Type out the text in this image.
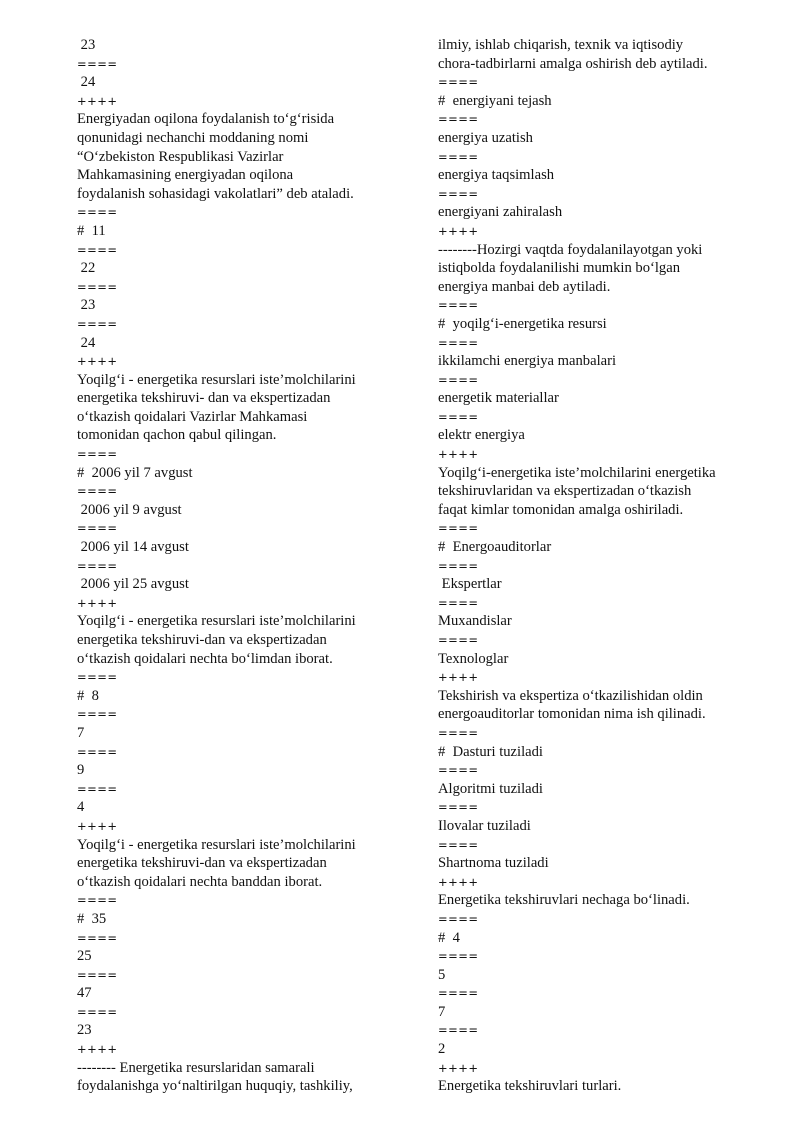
23
====
24
++++
Energiyadan oqilona foydalanish to‘g‘risida
qonunidagi nechanchi moddaning nomi
“O‘zbekiston Respublikasi Vazirlar
Mahkamasining energiyadan oqilona
foydalanish sohasidagi vakolatlari” deb ataladi.
====
#  11
====
22
====
23
====
24
++++
Yoqilg‘i - energetika resurslari iste’molchilarini
energetika tekshiruvi- dan va ekspertizadan
o‘tkazish qoidalari Vazirlar Mahkamasi
tomonidan qachon qabul qilingan.
====
#  2006 yil 7 avgust
====
2006 yil 9 avgust
====
2006 yil 14 avgust
====
2006 yil 25 avgust
++++
Yoqilg‘i - energetika resurslari iste’molchilarini
energetika tekshiruvi-dan va ekspertizadan
o‘tkazish qoidalari nechta bo‘limdan iborat.
====
#  8
====
7
====
9
====
4
++++
Yoqilg‘i - energetika resurslari iste’molchilarini
energetika tekshiruvi-dan va ekspertizadan
o‘tkazish qoidalari nechta banddan iborat.
====
#  35
====
25
====
47
====
23
++++
-------- Energetika resurslaridan samarali
foydalanishga yo‘naltirilgan huquqiy, tashkiliy,
ilmiy, ishlab chiqarish, texnik va iqtisodiy
chora-tadbirlarni amalga oshirish deb aytiladi.
====
#  energiyani tejash
====
energiya uzatish
====
energiya taqsimlash
====
energiyani zahiralash
++++
--------Hozirgi vaqtda foydalanilayotgan yoki
istiqbolda foydalanilishi mumkin bo‘lgan
energiya manbai deb aytiladi.
====
#  yoqilg‘i-energetika resursi
====
ikkilamchi energiya manbalari
====
energetik materiallar
====
elektr energiya
++++
Yoqilg‘i-energetika iste’molchilarini energetika
tekshiruvlaridan va ekspertizadan o‘tkazish
faqat kimlar tomonidan amalga oshiriladi.
====
#  Energoauditorlar
====
Ekspertlar
====
Muxandislar
====
Texnologlar
++++
Tekshirish va ekspertiza o‘tkazilishidan oldin
energoauditorlar tomonidan nima ish qilinadi.
====
#  Dasturi tuziladi
====
Algoritmi tuziladi
====
Ilovalar tuziladi
====
Shartnoma tuziladi
++++
Energetika tekshiruvlari nechaga bo‘linadi.
====
#  4
====
5
====
7
====
2
++++
Energetika tekshiruvlari turlari.
